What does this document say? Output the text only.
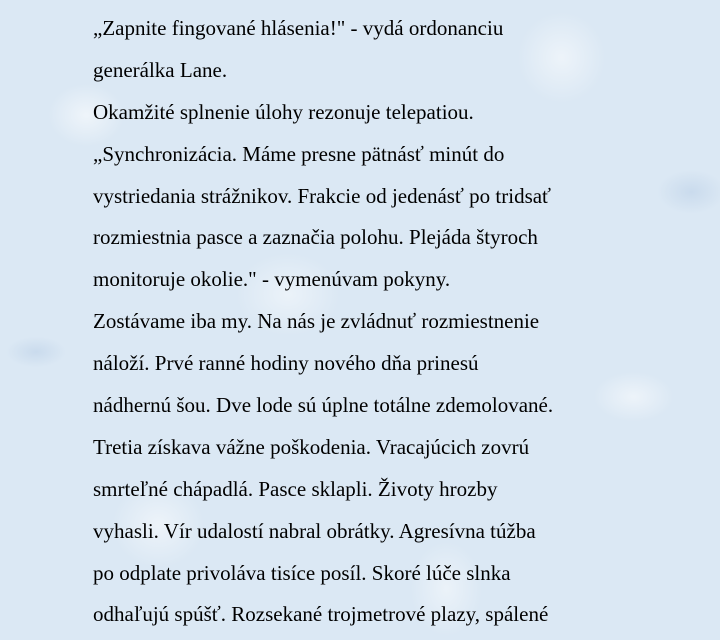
„Zapnite fingované hlásenia!" - vydá ordonanciu
generálka Lane.
Okamžité splnenie úlohy rezonuje telepatiou.
„Synchronizácia. Máme presne pätnásť minút do
vystriedania strážnikov. Frakcie od jedenásť po tridsať
rozmiestnia pasce a zaznačia polohu. Plejáda štyroch
monitoruje okolie." - vymenúvam pokyny.
Zostávame iba my. Na nás je zvládnuť rozmiestnenie
náloží. Prvé ranné hodiny nového dňa prinesú
nádhernú šou. Dve lode sú úplne totálne zdemolované.
Tretia získava vážne poškodenia. Vracajúcich zovrú
smrteľné chápadlá. Pasce sklapli. Životy hrozby
vyhasli. Vír udalostí nabral obrátky. Agresívna túžba
po odplate privoláva tisíce posíl. Skoré lúče slnka
odhaľujú spúšť. Rozsekané trojmetrové plazy, spálené
